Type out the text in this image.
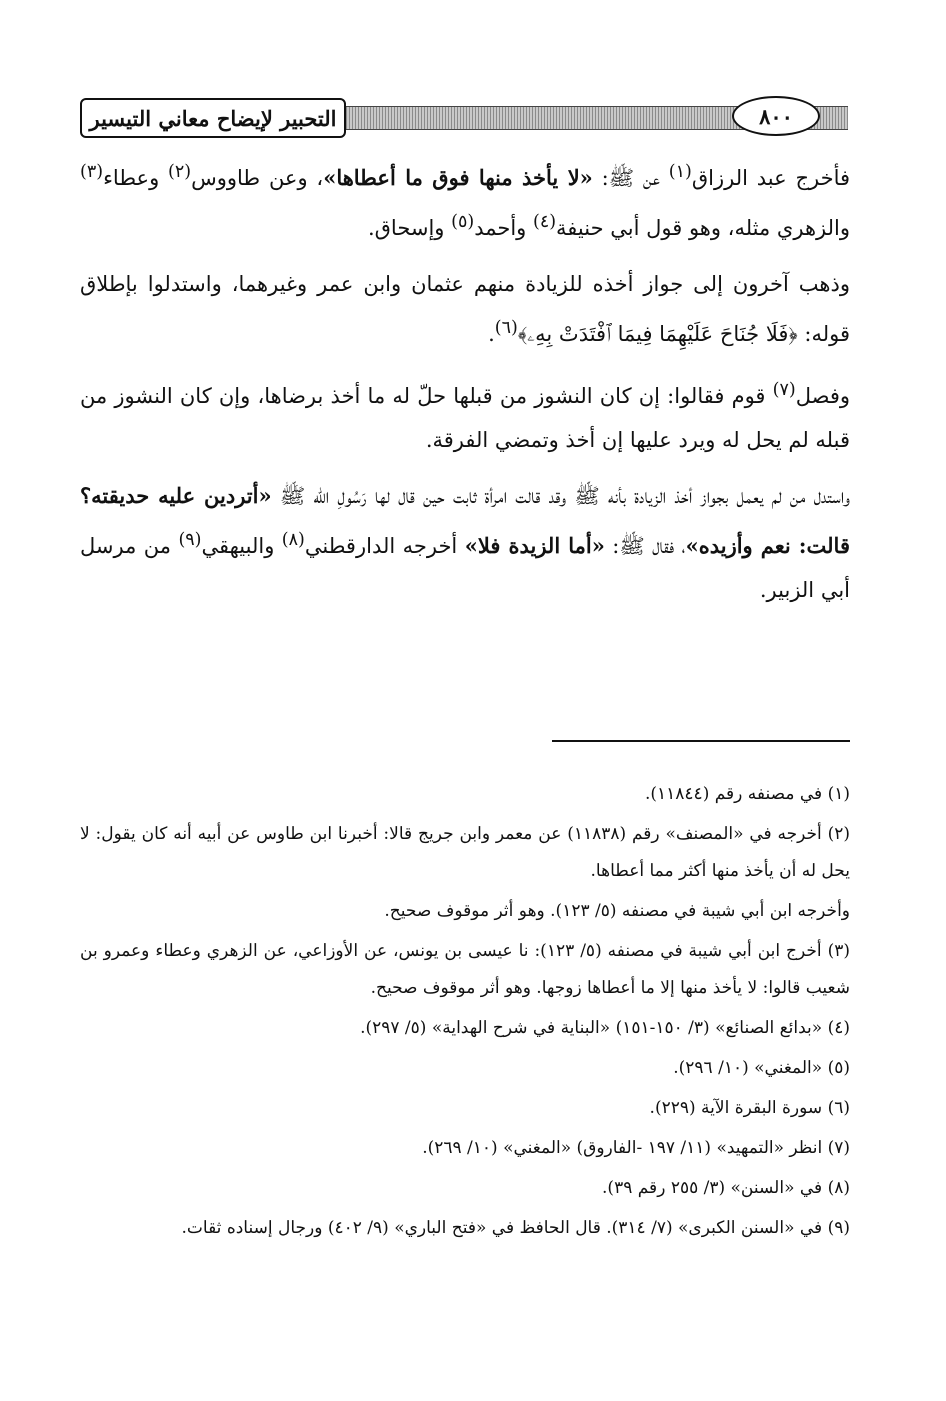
التحبير لإيضاح معاني التيسير	٨٠٠

فأخرج عبد الرزاق$^{(١)}$ عن ﷺ: «لا يأخذ منها فوق ما أعطاها»، وعن طاووس$^{(٢)}$ وعطاء$^{(٣)}$ والزهري مثله، وهو قول أبي حنيفة$^{(٤)}$ وأحمد$^{(٥)}$ وإسحاق.

وذهب آخرون إلى جواز أخذه للزيادة منهم عثمان وابن عمر وغيرهما، واستدلوا بإطلاق قوله: ﴿فَلَا جُنَاحَ عَلَيْهِمَا فِيمَا ٱفْتَدَتْ بِهِۦ﴾$^{(٦)}$.

وفصل$^{(٧)}$ قوم فقالوا: إن كان النشوز من قبلها حلّ له ما أخذ برضاها، وإن كان النشوز من قبله لم يحل له ويرد عليها إن أخذ وتمضي الفرقة.

واستدل من لم يعمل بجواز أخذ الزيادة بأنه ﷺ وقد قالت امرأة ثابت حين قال لها رَسُولِ الله ﷺ «أتردين عليه حديقته؟ قالت: نعم وأزيده»، فقال ﷺ: «أما الزيدة فلا» أخرجه الدارقطني$^{(٨)}$ والبيهقي$^{(٩)}$ من مرسل أبي الزبير.

(١) في مصنفه رقم (١١٨٤٤).

(٢) أخرجه في «المصنف» رقم (١١٨٣٨) عن معمر وابن جريج قالا: أخبرنا ابن طاوس عن أبيه أنه كان يقول: لا يحل له أن يأخذ منها أكثر مما أعطاها.

وأخرجه ابن أبي شيبة في مصنفه (٥/ ١٢٣). وهو أثر موقوف صحيح.

(٣) أخرج ابن أبي شيبة في مصنفه (٥/ ١٢٣): نا عيسى بن يونس، عن الأوزاعي، عن الزهري وعطاء وعمرو بن شعيب قالوا: لا يأخذ منها إلا ما أعطاها زوجها. وهو أثر موقوف صحيح.

(٤) «بدائع الصنائع» (٣/ ١٥٠-١٥١) «البناية في شرح الهداية» (٥/ ٢٩٧).

(٥) «المغني» (١٠/ ٢٩٦).

(٦) سورة البقرة الآية (٢٢٩).

(٧) انظر «التمهيد» (١١/ ١٩٧ -الفاروق) «المغني» (١٠/ ٢٦٩).

(٨) في «السنن» (٣/ ٢٥٥ رقم ٣٩).

(٩) في «السنن الكبرى» (٧/ ٣١٤). قال الحافظ في «فتح الباري» (٩/ ٤٠٢) ورجال إسناده ثقات.
